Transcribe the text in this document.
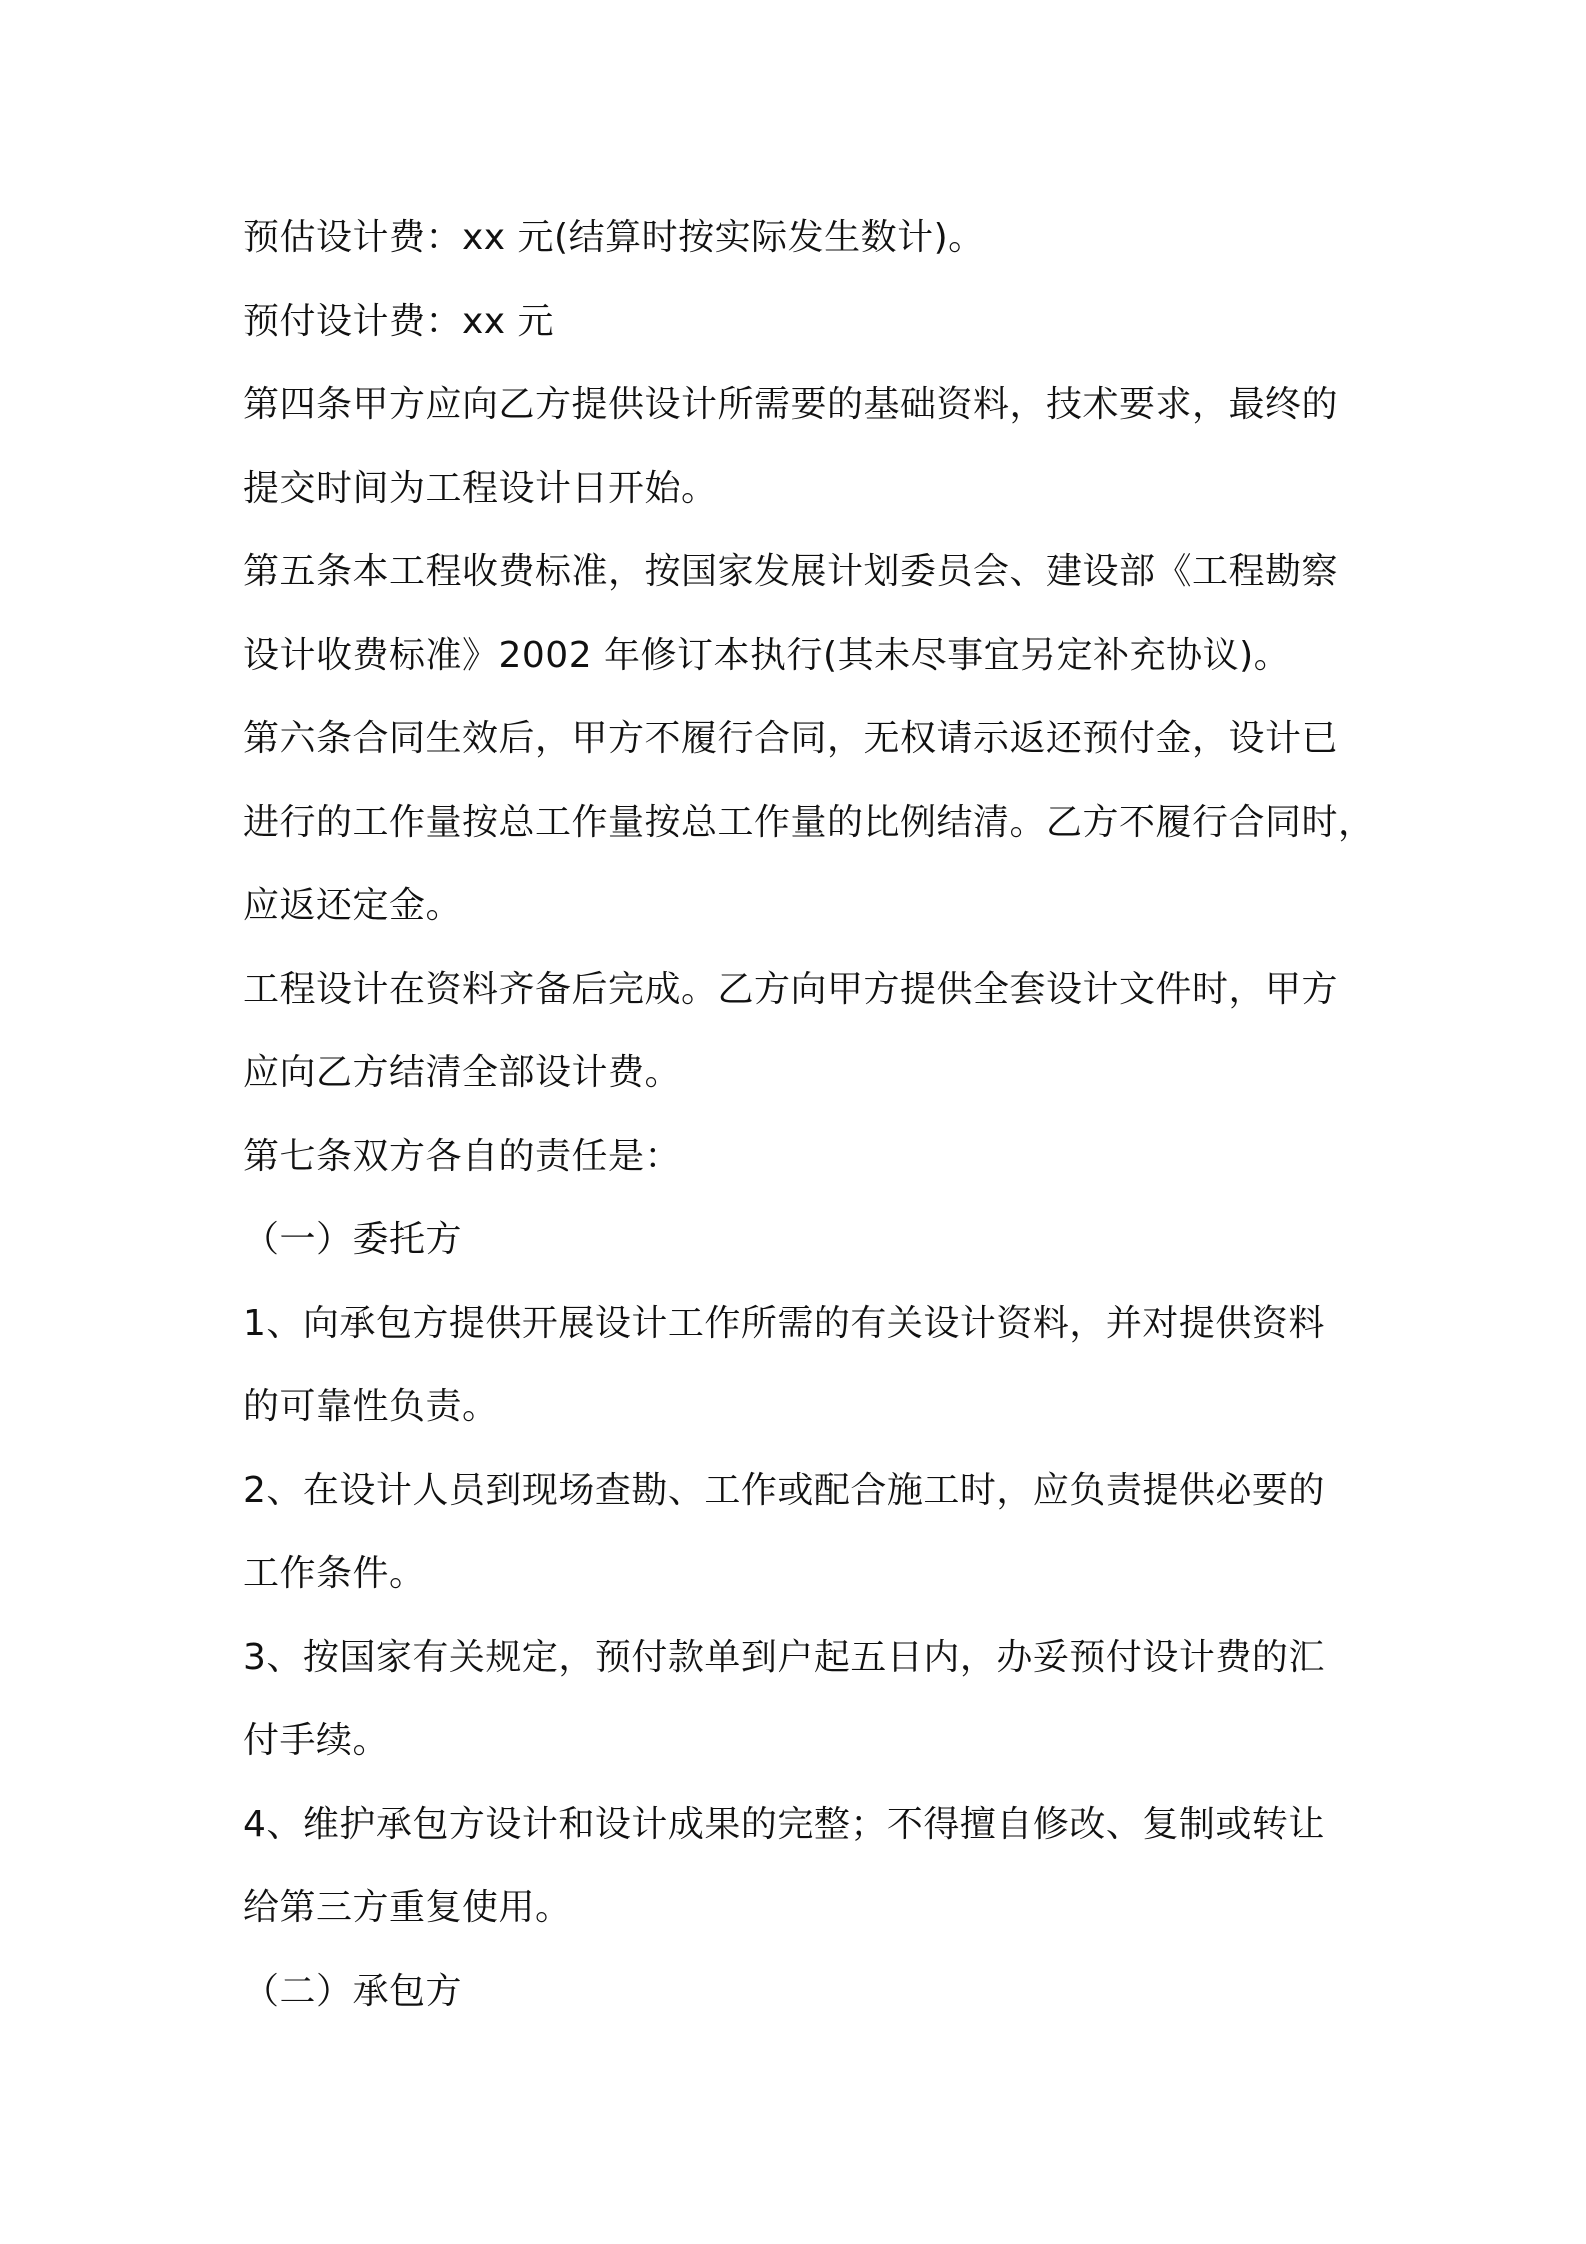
预估设计费：xx 元(结算时按实际发生数计)。
预付设计费：xx 元
第四条甲方应向乙方提供设计所需要的基础资料，技术要求，最终的
提交时间为工程设计日开始。
第五条本工程收费标准，按国家发展计划委员会、建设部《工程勘察
设计收费标准》2002 年修订本执行(其未尽事宜另定补充协议)。
第六条合同生效后，甲方不履行合同，无权请示返还预付金，设计已
进行的工作量按总工作量按总工作量的比例结清。乙方不履行合同时，
应返还定金。
工程设计在资料齐备后完成。乙方向甲方提供全套设计文件时，甲方
应向乙方结清全部设计费。
第七条双方各自的责任是：
（一）委托方
1、向承包方提供开展设计工作所需的有关设计资料，并对提供资料
的可靠性负责。
2、在设计人员到现场查勘、工作或配合施工时，应负责提供必要的
工作条件。
3、按国家有关规定，预付款单到户起五日内，办妥预付设计费的汇
付手续。
4、维护承包方设计和设计成果的完整；不得擅自修改、复制或转让
给第三方重复使用。
（二）承包方
